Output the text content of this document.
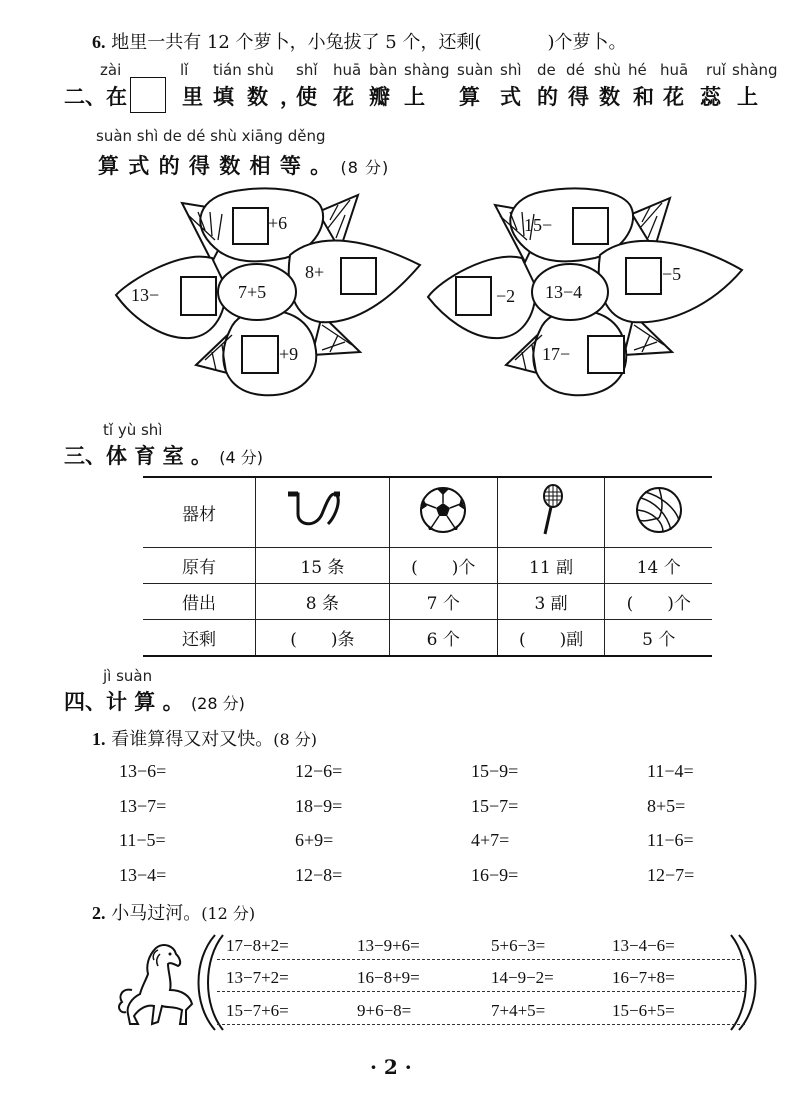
6. 地里一共有 12 个萝卜，小兔拔了 5 个，还剩(	)个萝卜。
zài	lǐ tián shù shǐ huā bàn shàng suàn shì de dé shù hé huā ruǐ shàng
二、在	里 填 数 ，
使 花 瓣 上 算 式 的 得 数 和 花 蕊 上
suàn shì de dé shù xiāng děng
算 式 的 得 数 相 等 。 (8 分)
+6
13−	7+5
8+
+9
15−
−2 13−4
−5
17−
tǐ yù shì
三、体 育 室 。 (4 分)
器材				
原有	15 条	(　　)个	11 副	14 个
借出	8 条	7 个	3 副	(　　)个
还剩	(　　)条	6 个	(　　)副	5 个
jì suàn
四、计 算 。 (28 分)
1. 看谁算得又对又快。(8 分)
13−6=	12−6=	15−9=	11−4=
13−7=	18−9=	15−7=	8+5=
11−5=	6+9=	4+7=	11−6=
13−4=	12−8=	16−9=	12−7=
2. 小马过河。(12 分)
17−8+2=	13−9+6=	5+6−3=	13−4−6=
13−7+2=	16−8+9=	14−9−2=	16−7+8=
15−7+6=	9+6−8=	7+4+5=	15−6+5=
· 2 ·
